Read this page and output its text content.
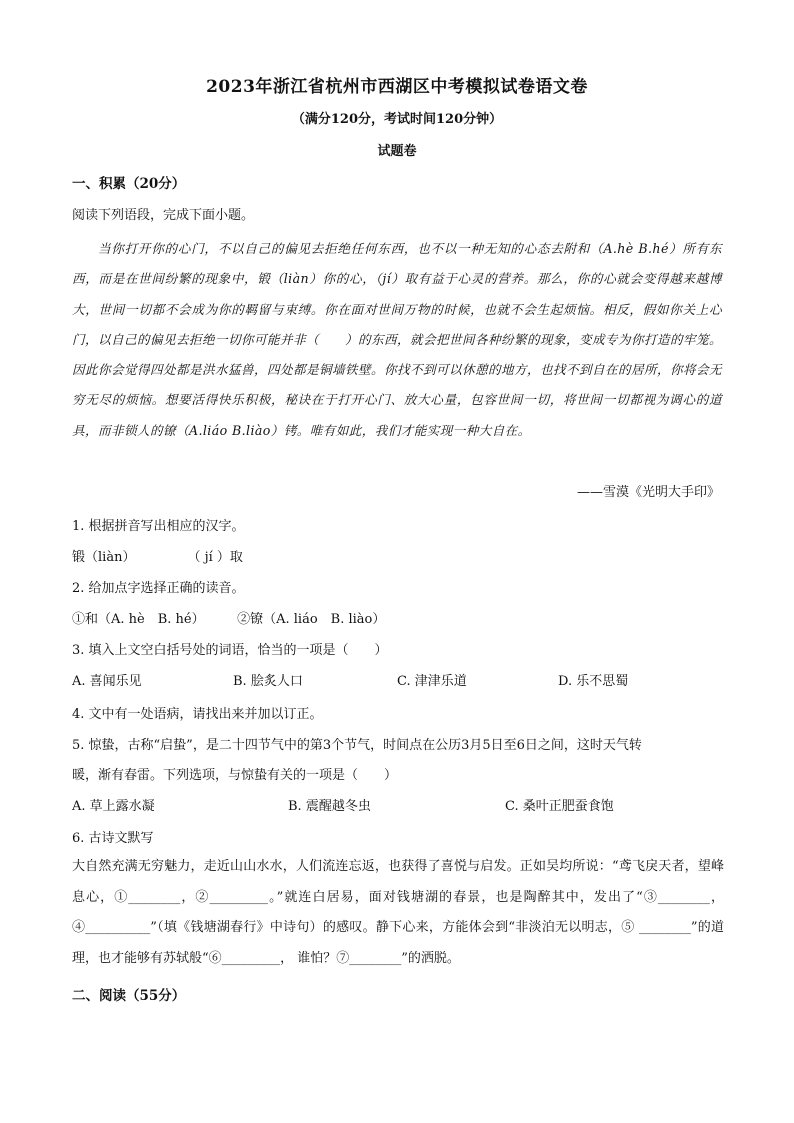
2023年浙江省杭州市西湖区中考模拟试卷语文卷
（满分120分，考试时间120分钟）
试题卷
一、积累（20分）
阅读下列语段，完成下面小题。
当你打开你的心门，不以自己的偏见去拒绝任何东西，也不以一种无知的心态去附和（A.hè B.hé）所有东西，而是在世间纷繁的现象中，锻（liàn）你的心，（jí）取有益于心灵的营养。那么，你的心就会变得越来越博大，世间一切都不会成为你的羁留与束缚。你在面对世间万物的时候，也就不会生起烦恼。相反，假如你关上心门，以自己的偏见去拒绝一切你可能并非（　　）的东西，就会把世间各种纷繁的现象，变成专为你打造的牢笼。因此你会觉得四处都是洪水猛兽，四处都是铜墙铁壁。你找不到可以休憩的地方，也找不到自在的居所，你将会无穷无尽的烦恼。想要活得快乐积极，秘诀在于打开心门、放大心量，包容世间一切，将世间一切都视为调心的道具，而非锁人的镣（A.liáo B.liào）铐。唯有如此，我们才能实现一种大自在。
——雪漠《光明大手印》
1. 根据拼音写出相应的汉字。
锻（liàn）　　　　　（ jí ）取
2. 给加点字选择正确的读音。
①和（A. hè　B. hé）　　　②镣（A. liáo　B. liào）
3. 填入上文空白括号处的词语，恰当的一项是（　　）
A. 喜闻乐见	B. 脍炙人口	C. 津津乐道	D. 乐不思蜀
4. 文中有一处语病，请找出来并加以订正。
5. 惊蛰，古称“启蛰”，是二十四节气中的第3个节气，时间点在公历3月5日至6日之间，这时天气转
暖，渐有春雷。下列选项，与惊蛰有关的一项是（　　）
A. 草上露水凝	B. 震醒越冬虫	C. 桑叶正肥蚕食饱
6. 古诗文默写
大自然充满无穷魅力，走近山山水水，人们流连忘返，也获得了喜悦与启发。正如吴均所说：“鸢飞戾天者，望峰息心，①________，②_________。”就连白居易，面对钱塘湖的春景，也是陶醉其中，发出了“③________，④__________”（填《钱塘湖春行》中诗句）的感叹。静下心来，方能体会到“非淡泊无以明志，⑤ ________”的道理，也才能够有苏轼般“⑥_________， 谁怕？⑦________”的洒脱。
二、阅读（55分）
